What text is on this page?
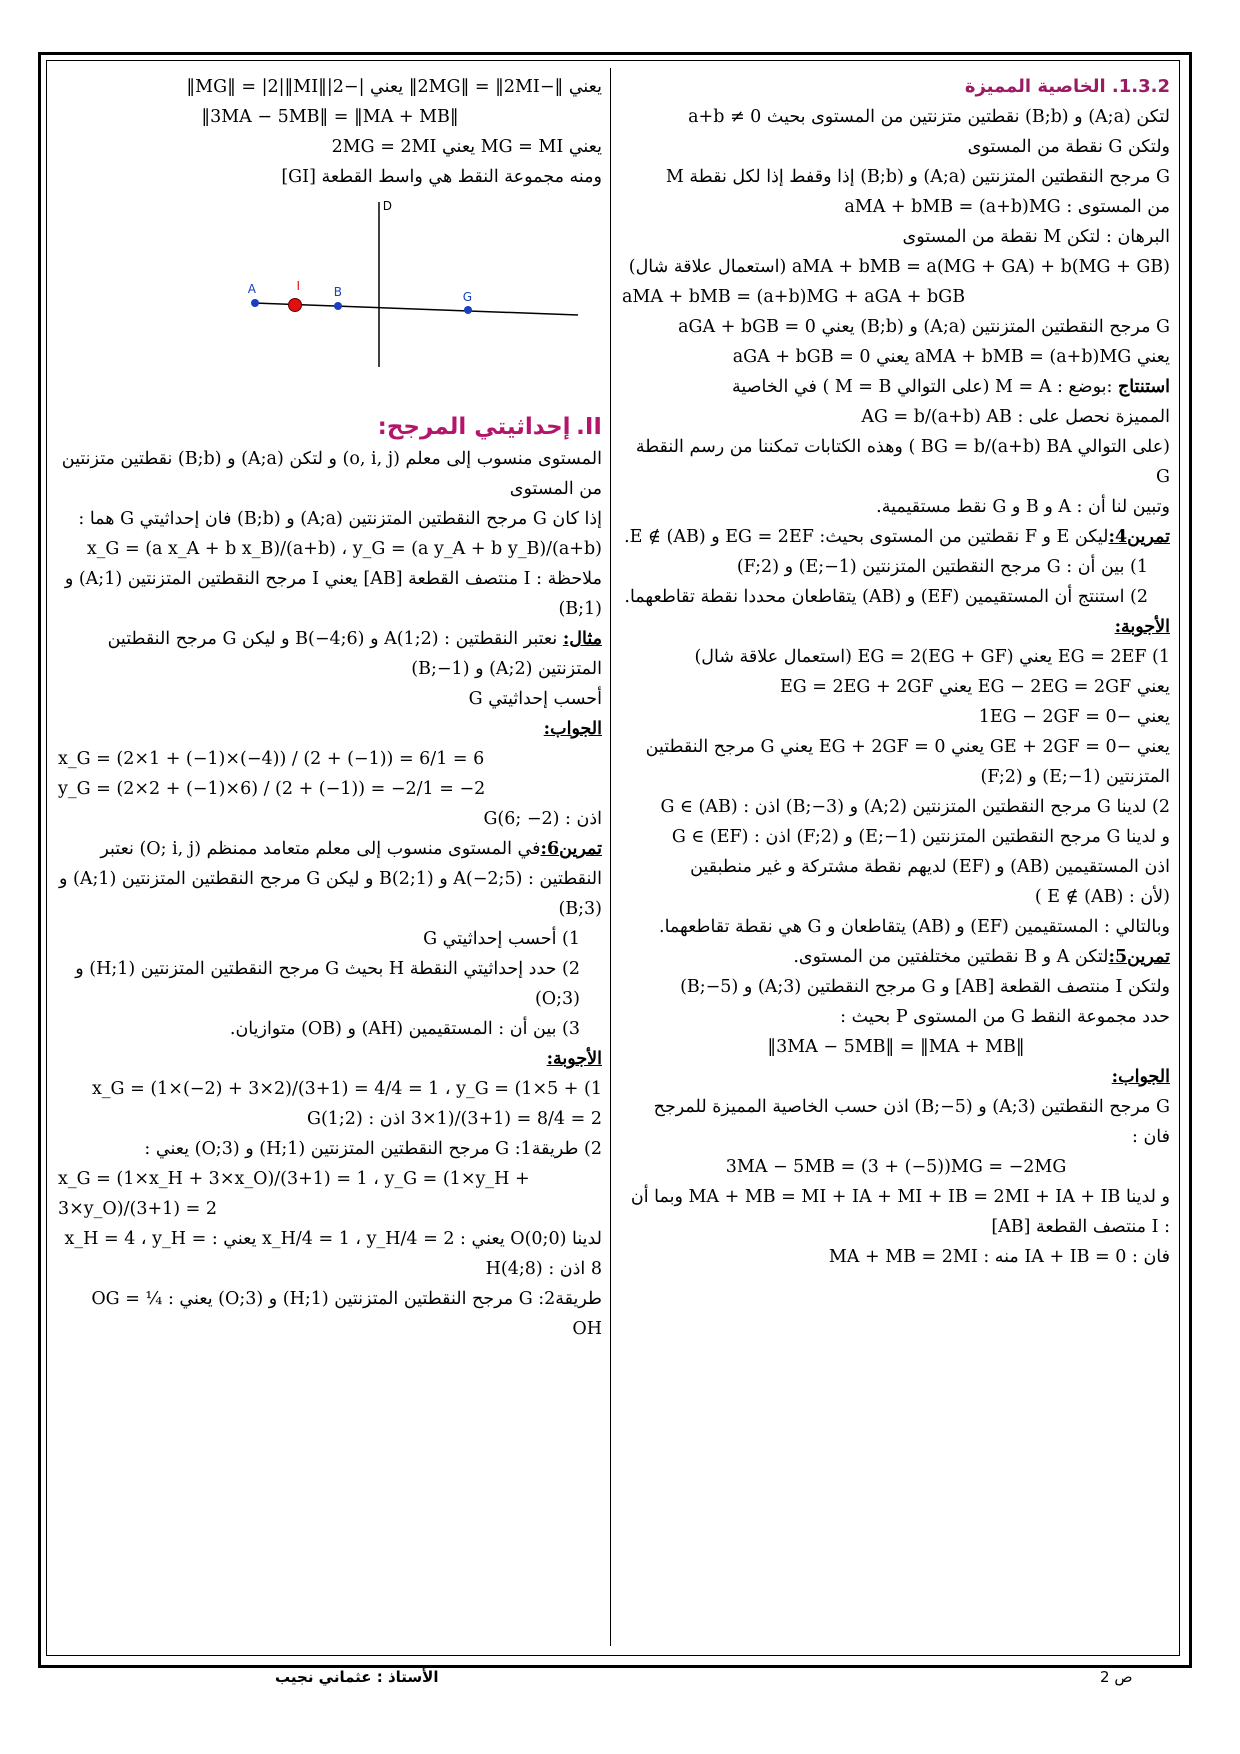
1.3.2. الخاصية المميزة

لتكن (A;a) و (B;b) نقطتين متزنتين من المستوى بحيث a+b ≠ 0

ولتكن G نقطة من المستوى

G مرجح النقطتين المتزنتين (A;a) و (B;b) إذا وقفط إذا لكل نقطة M

من المستوى : aMA + bMB = (a+b)MG

البرهان : لتكن M نقطة من المستوى

aMA + bMB = a(MG + GA) + b(MG + GB) (استعمال علاقة شال)

aMA + bMB = (a+b)MG + aGA + bGB

G مرجح النقطتين المتزنتين (A;a) و (B;b) يعني aGA + bGB = 0

يعني aMA + bMB = (a+b)MG يعني aGA + bGB = 0

استنتاج :بوضع : M = A (على التوالي M = B ) في الخاصية

المميزة نحصل على : AG = b/(a+b) AB

(على التوالي BG = b/(a+b) BA ) وهذه الكتابات تمكننا من رسم النقطة G

وتبين لنا أن : A و B و G نقط مستقيمية.

تمرين4:ليكن E و F نقطتين من المستوى بحيث: EG = 2EF و E ∉ (AB).

1) بين أن : G مرجح النقطتين المتزنتين (E;−1) و (F;2)

2) استنتج أن المستقيمين (EF) و (AB) يتقاطعان محددا نقطة تقاطعهما.

الأجوبة:

1) EG = 2EF يعني EG = 2(EG + GF) (استعمال علاقة شال)

يعني EG − 2EG = 2GF يعني EG = 2EG + 2GF

يعني −1EG − 2GF = 0

يعني −GE + 2GF = 0 يعني EG + 2GF = 0 يعني G مرجح النقطتين المتزنتين (E;−1) و (F;2)

2) لدينا G مرجح النقطتين المتزنتين (A;2) و (B;−3) اذن : G ∈ (AB)

و لدينا G مرجح النقطتين المتزنتين (E;−1) و (F;2) اذن : G ∈ (EF)

اذن المستقيمين (AB) و (EF) لديهم نقطة مشتركة و غير منطبقين

(لأن : E ∉ (AB) )

وبالتالي : المستقيمين (EF) و (AB) يتقاطعان و G هي نقطة تقاطعهما.

تمرين5:لتكن A و B نقطتين مختلفتين من المستوى.

ولتكن I منتصف القطعة [AB] و G مرجح النقطتين (A;3) و (B;−5)

حدد مجموعة النقط G من المستوى P بحيث :

‖3MA − 5MB‖ = ‖MA + MB‖

الجواب:

G مرجح النقطتين (A;3) و (B;−5) اذن حسب الخاصية المميزة للمرجح فان :

3MA − 5MB = (3 + (−5))MG = −2MG

و لدينا MA + MB = MI + IA + MI + IB = 2MI + IA + IB وبما أن : I منتصف القطعة [AB]

فان : IA + IB = 0 منه : MA + MB = 2MI

يعني ‖−2MG‖ = ‖2MI‖ يعني |−2|‖MG‖ = |2|‖MI‖

‖3MA − 5MB‖ = ‖MA + MB‖

يعني MG = MI يعني 2MG = 2MI

ومنه مجموعة النقط هي واسط القطعة [GI]

D
A	I	B	G

II. إحداثيتي المرجح:

المستوى منسوب إلى معلم (o, i, j) و لتكن (A;a) و (B;b) نقطتين متزنتين من المستوى

إذا كان G مرجح النقطتين المتزنتين (A;a) و (B;b) فان إحداثيتي G هما : x_G = (a x_A + b x_B)/(a+b) ، y_G = (a y_A + b y_B)/(a+b)

ملاحظة : I منتصف القطعة [AB] يعني I مرجح النقطتين المتزنتين (A;1) و (B;1)

مثال: نعتبر النقطتين : A(1;2) و B(−4;6) و ليكن G مرجح النقطتين المتزنتين (A;2) و (B;−1)

أحسب إحداثيتي G

الجواب:

x_G = (2×1 + (−1)×(−4)) / (2 + (−1)) = 6/1 = 6

y_G = (2×2 + (−1)×6) / (2 + (−1)) = −2/1 = −2

اذن : G(6; −2)

تمرين6:في المستوى منسوب إلى معلم متعامد ممنظم (O; i, j) نعتبر النقطتين : A(−2;5) و B(2;1) و ليكن G مرجح النقطتين المتزنتين (A;1) و (B;3)

1) أحسب إحداثيتي G

2) حدد إحداثيتي النقطة H بحيث G مرجح النقطتين المتزنتين (H;1) و (O;3)

3) بين أن : المستقيمين (AH) و (OB) متوازيان.

الأجوبة:

1) x_G = (1×(−2) + 3×2)/(3+1) = 4/4 = 1 ، y_G = (1×5 + 3×1)/(3+1) = 8/4 = 2 اذن : G(1;2)

2) طريقة1: G مرجح النقطتين المتزنتين (H;1) و (O;3) يعني :

x_G = (1×x_H + 3×x_O)/(3+1) = 1 ، y_G = (1×y_H + 3×y_O)/(3+1) = 2

لدينا O(0;0) يعني : x_H/4 = 1 ، y_H/4 = 2 يعني : x_H = 4 ، y_H = 8 اذن : H(4;8)

طريقة2: G مرجح النقطتين المتزنتين (H;1) و (O;3) يعني : OG = ¼ OH

ص 2
الأستاذ : عثماني نجيب
